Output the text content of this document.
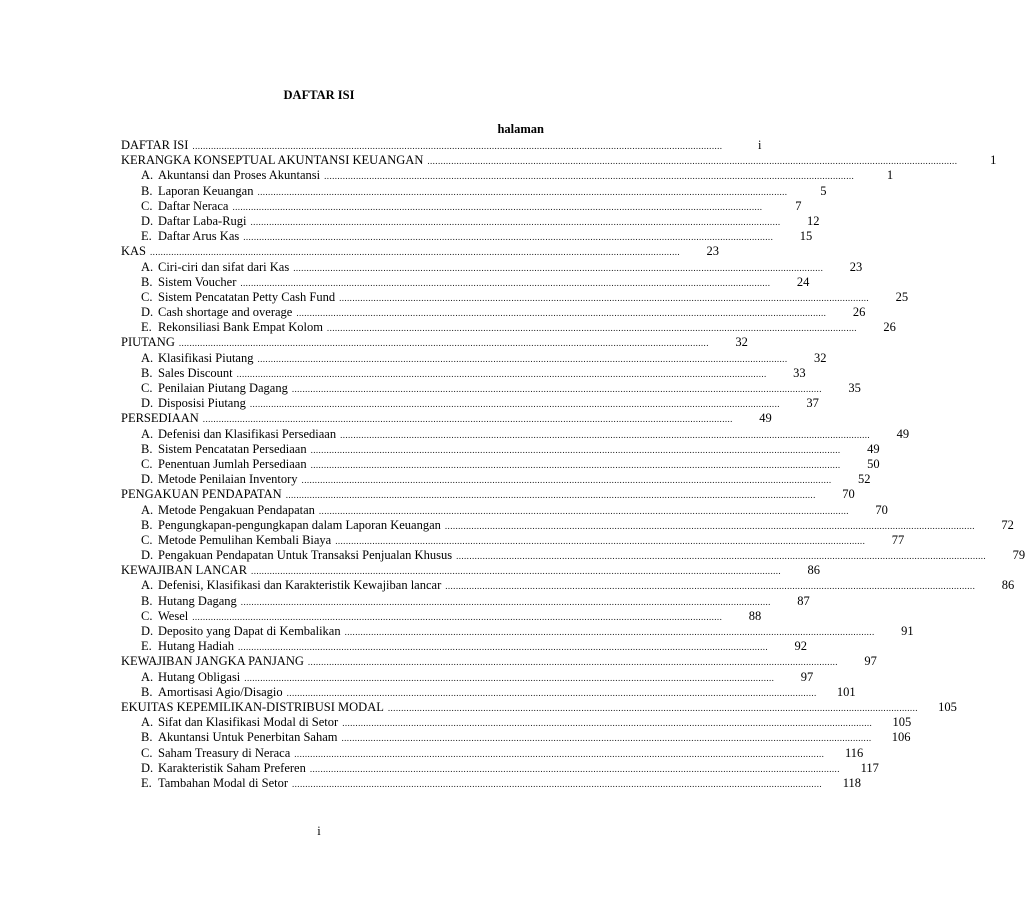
DAFTAR ISI
halaman
DAFTAR ISI ........................................................................................................................................................................................................	i
KERANGKA KONSEPTUAL AKUNTANSI KEUANGAN ........................................................................................................................................................................................................	1
A. Akuntansi dan Proses Akuntansi ........................................................................................................................................................................................................	1
B. Laporan Keuangan ........................................................................................................................................................................................................	5
C. Daftar Neraca ........................................................................................................................................................................................................	7
D. Daftar Laba-Rugi ........................................................................................................................................................................................................	12
E. Daftar Arus Kas ........................................................................................................................................................................................................	15
KAS ........................................................................................................................................................................................................	23
A. Ciri-ciri dan sifat dari Kas ........................................................................................................................................................................................................	23
B. Sistem Voucher ........................................................................................................................................................................................................	24
C. Sistem Pencatatan Petty Cash Fund ........................................................................................................................................................................................................	25
D. Cash shortage and overage ........................................................................................................................................................................................................	26
E. Rekonsiliasi Bank Empat Kolom ........................................................................................................................................................................................................	26
PIUTANG ........................................................................................................................................................................................................	32
A. Klasifikasi Piutang ........................................................................................................................................................................................................	32
B. Sales Discount ........................................................................................................................................................................................................	33
C. Penilaian Piutang Dagang ........................................................................................................................................................................................................	35
D. Disposisi Piutang ........................................................................................................................................................................................................	37
PERSEDIAAN ........................................................................................................................................................................................................	49
A. Defenisi dan Klasifikasi Persediaan ........................................................................................................................................................................................................	49
B. Sistem Pencatatan Persediaan ........................................................................................................................................................................................................	49
C. Penentuan Jumlah Persediaan ........................................................................................................................................................................................................	50
D. Metode Penilaian Inventory ........................................................................................................................................................................................................	52
PENGAKUAN PENDAPATAN ........................................................................................................................................................................................................	70
A. Metode Pengakuan Pendapatan ........................................................................................................................................................................................................	70
B. Pengungkapan-pengungkapan dalam Laporan Keuangan ........................................................................................................................................................................................................	72
C. Metode Pemulihan Kembali Biaya ........................................................................................................................................................................................................	77
D. Pengakuan Pendapatan Untuk Transaksi Penjualan Khusus ........................................................................................................................................................................................................	79
KEWAJIBAN LANCAR ........................................................................................................................................................................................................	86
A. Defenisi, Klasifikasi dan Karakteristik Kewajiban lancar ........................................................................................................................................................................................................	86
B. Hutang Dagang ........................................................................................................................................................................................................	87
C. Wesel ........................................................................................................................................................................................................	88
D. Deposito yang Dapat di Kembalikan ........................................................................................................................................................................................................	91
E. Hutang Hadiah ........................................................................................................................................................................................................	92
KEWAJIBAN JANGKA PANJANG ........................................................................................................................................................................................................	97
A. Hutang Obligasi ........................................................................................................................................................................................................	97
B. Amortisasi Agio/Disagio ........................................................................................................................................................................................................	101
EKUITAS KEPEMILIKAN-DISTRIBUSI MODAL ........................................................................................................................................................................................................	105
A. Sifat dan Klasifikasi Modal di Setor ........................................................................................................................................................................................................	105
B. Akuntansi Untuk Penerbitan Saham ........................................................................................................................................................................................................	106
C. Saham Treasury di Neraca ........................................................................................................................................................................................................	116
D. Karakteristik Saham Preferen ........................................................................................................................................................................................................	117
E. Tambahan Modal di Setor ........................................................................................................................................................................................................	118
i
